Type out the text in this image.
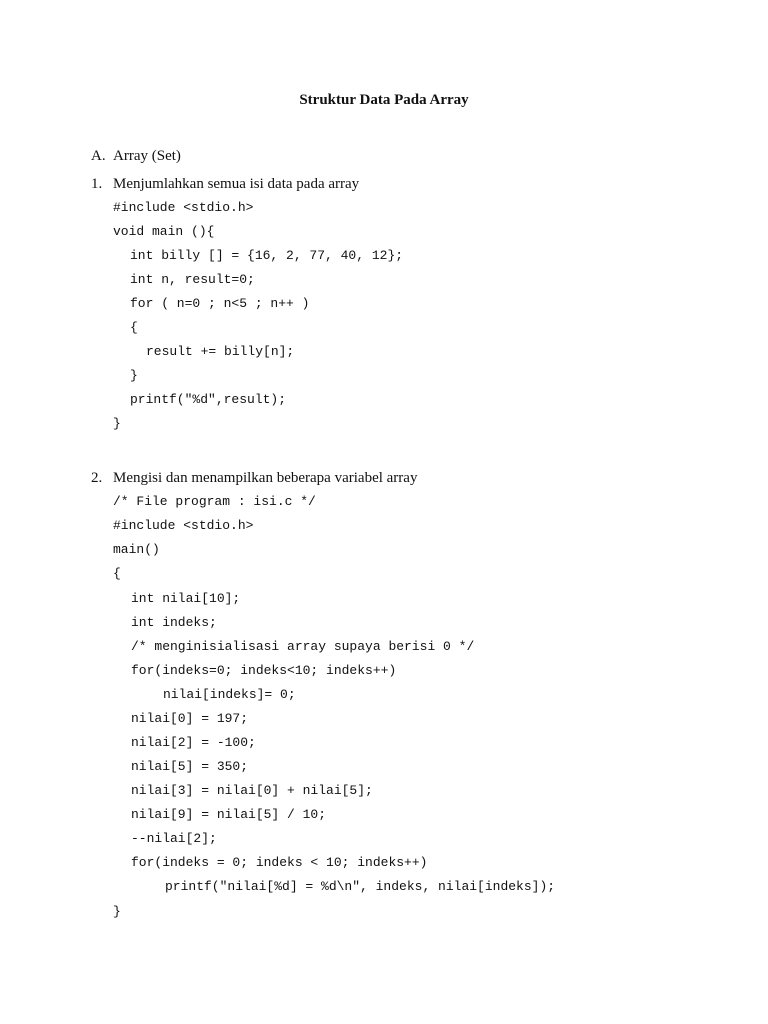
Struktur Data Pada Array
A. Array (Set)
1. Menjumlahkan semua isi data pada array
#include <stdio.h>
void main (){
int billy [] = {16, 2, 77, 40, 12};
int n, result=0;
for ( n=0 ; n<5 ; n++ )
{
result += billy[n];
}
printf("%d",result);
}
2. Mengisi dan menampilkan beberapa variabel array
/* File program : isi.c */
#include <stdio.h>
main()
{
int nilai[10];
int indeks;
/* menginisialisasi array supaya berisi 0 */
for(indeks=0; indeks<10; indeks++)
nilai[indeks]= 0;
nilai[0] = 197;
nilai[2] = -100;
nilai[5] = 350;
nilai[3] = nilai[0] + nilai[5];
nilai[9] = nilai[5] / 10;
--nilai[2];
for(indeks = 0; indeks < 10; indeks++)
printf("nilai[%d] = %d\n", indeks, nilai[indeks]);
}
